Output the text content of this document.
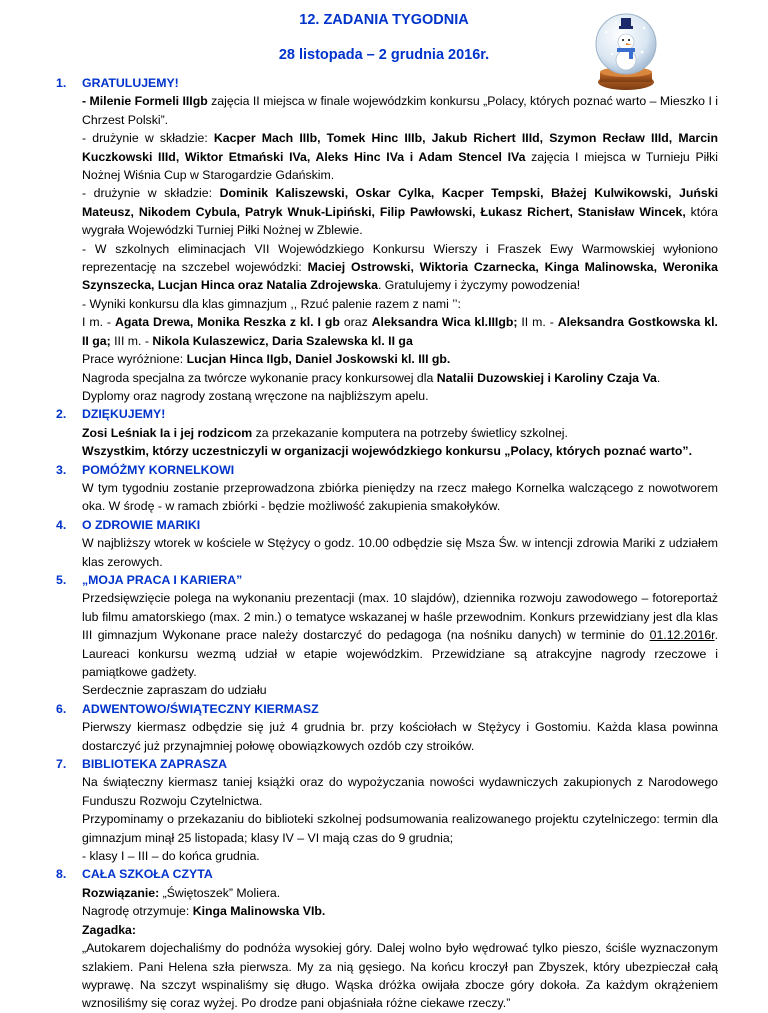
12. ZADANIA TYGODNIA
28 listopada – 2 grudnia 2016r.
1. GRATULUJEMY!
- Milenie Formeli IIIgb zajęcia II miejsca w finale wojewódzkim konkursu „Polacy, których poznać warto – Mieszko I i Chrzest Polski”.
- drużynie w składzie: Kacper Mach IIIb, Tomek Hinc IIIb, Jakub Richert IIId, Szymon Recław IIId, Marcin Kuczkowski IIId, Wiktor Etmański IVa, Aleks Hinc IVa i Adam Stencel IVa zajęcia I miejsca w Turnieju Piłki Nożnej Wiśnia Cup w Starogardzie Gdańskim.
- drużynie w składzie: Dominik Kaliszewski, Oskar Cylka, Kacper Tempski, Błażej Kulwikowski, Juński Mateusz, Nikodem Cybula, Patryk Wnuk-Lipiński, Filip Pawłowski, Łukasz Richert, Stanisław Wincek, która wygrała Wojewódzki Turniej Piłki Nożnej w Zblewie.
- W szkolnych eliminacjach VII Wojewódzkiego Konkursu Wierszy i Fraszek Ewy Warmowskiej wyłoniono reprezentację na szczebel wojewódzki: Maciej Ostrowski, Wiktoria Czarnecka, Kinga Malinowska, Weronika Szynszecka, Lucjan Hinca oraz Natalia Zdrojewska. Gratulujemy i życzymy powodzenia!
- Wyniki konkursu dla klas gimnazjum ,, Rzuć palenie razem z nami ’’:
I m. - Agata Drewa, Monika Reszka z kl. I gb oraz Aleksandra Wica kl.IIIgb; II m. - Aleksandra Gostkowska kl. II ga; III m. - Nikola Kulaszewicz, Daria Szalewska kl. II ga
Prace wyróżnione: Lucjan Hinca IIgb, Daniel Joskowski kl. III gb.
Nagroda specjalna za twórcze wykonanie pracy konkursowej dla Natalii Duzowskiej i Karoliny Czaja Va.
Dyplomy oraz nagrody zostaną wręczone na najbliższym apelu.
2. DZIĘKUJEMY!
Zosi Leśniak Ia i jej rodzicom za przekazanie komputera na potrzeby świetlicy szkolnej.
Wszystkim, którzy uczestniczyli w organizacji wojewódzkiego konkursu „Polacy, których poznać warto”.
3. POMÓŻMY KORNELKOWI
W tym tygodniu zostanie przeprowadzona zbiórka pieniędzy na rzecz małego Kornelka walczącego z nowotworem oka. W środę - w ramach zbiórki - będzie możliwość zakupienia smakołyków.
4. O ZDROWIE MARIKI
W najbliższy wtorek w kościele w Stężycy o godz. 10.00 odbędzie się Msza Św. w intencji zdrowia Mariki z udziałem klas zerowych.
5. „MOJA PRACA I KARIERA”
Przedsięwzięcie polega na wykonaniu prezentacji (max. 10 slajdów), dziennika rozwoju zawodowego – fotoreportaż lub filmu amatorskiego (max. 2 min.) o tematyce wskazanej w haśle przewodnim. Konkurs przewidziany jest dla klas III gimnazjum Wykonane prace należy dostarczyć do pedagoga (na nośniku danych) w terminie do 01.12.2016r. Laureaci konkursu wezmą udział w etapie wojewódzkim. Przewidziane są atrakcyjne nagrody rzeczowe i pamiątkowe gadżety.
Serdecznie zapraszam do udziału
6. ADWENTOWO/ŚWIĄTECZNY KIERMASZ
Pierwszy kiermasz odbędzie się już 4 grudnia br. przy kościołach w Stężycy i Gostomiu. Każda klasa powinna dostarczyć już przynajmniej połowę obowiązkowych ozdób czy stroików.
7. BIBLIOTEKA ZAPRASZA
Na świąteczny kiermasz taniej książki oraz do wypożyczania nowości wydawniczych zakupionych z Narodowego Funduszu Rozwoju Czytelnictwa.
Przypominamy o przekazaniu do biblioteki szkolnej podsumowania realizowanego projektu czytelniczego: termin dla gimnazjum minął 25 listopada; klasy IV – VI mają czas do 9 grudnia;
- klasy I – III – do końca grudnia.
8. CAŁA SZKOŁA CZYTA
Rozwiązanie: „Świętoszek” Moliera.
Nagrodę otrzymuje: Kinga Malinowska VIb.
Zagadka:
„Autokarem dojechaliśmy do podnóża wysokiej góry. Dalej wolno było wędrować tylko pieszo, ściśle wyznaczonym szlakiem. Pani Helena szła pierwsza. My za nią gęsiego. Na końcu kroczył pan Zbyszek, który ubezpieczał całą wyprawę. Na szczyt wspinaliśmy się długo. Wąska dróżka owijała zbocze góry dokoła. Za każdym okrążeniem wznosiliśmy się coraz wyżej. Po drodze pani objaśniała różne ciekawe rzeczy.”
